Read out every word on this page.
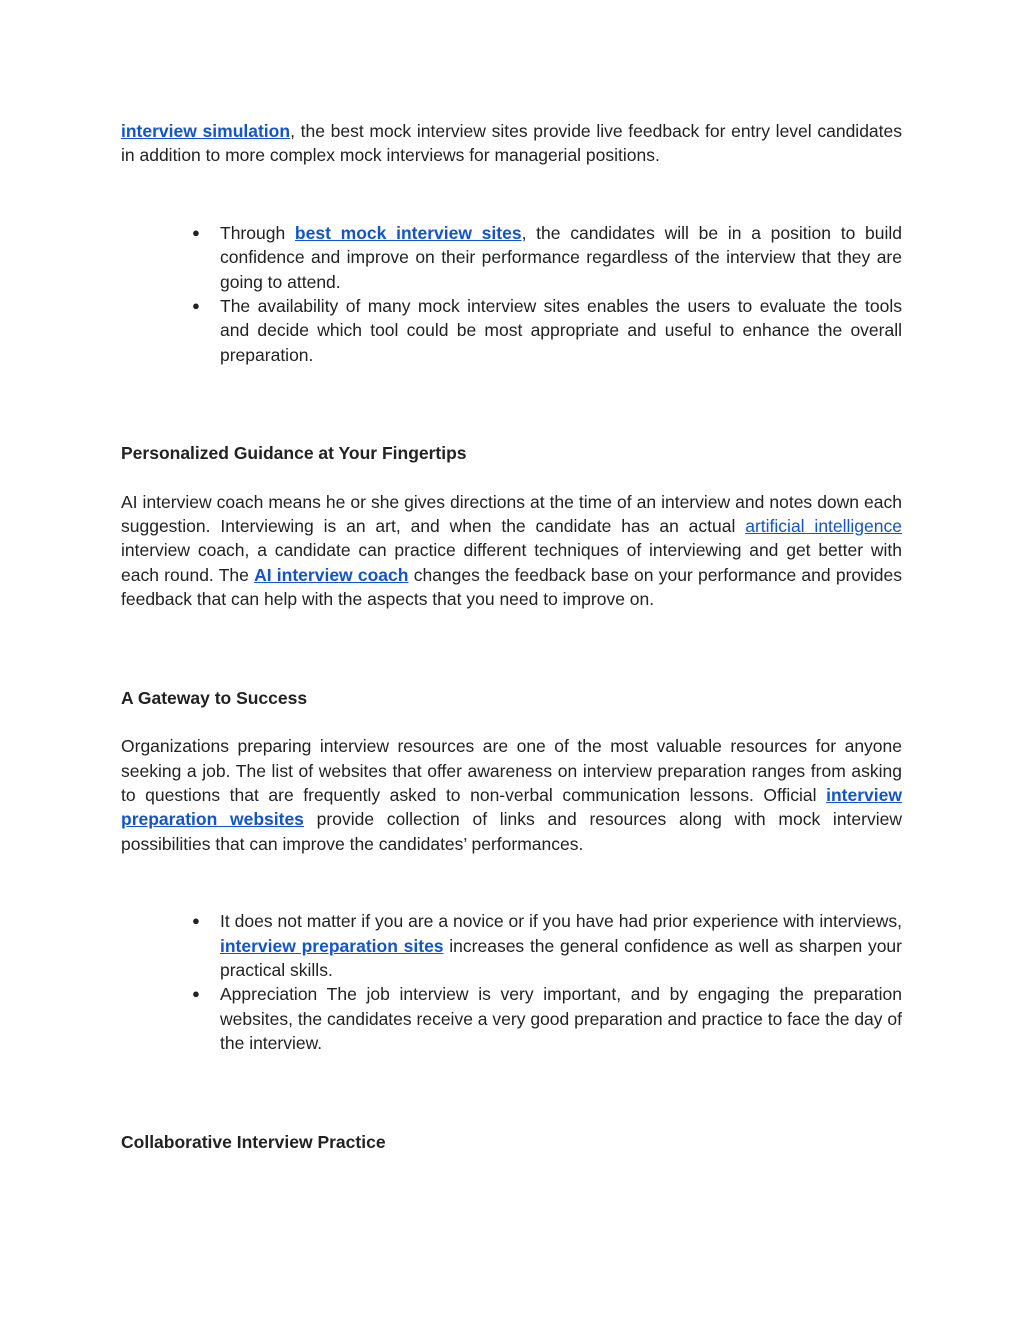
interview simulation, the best mock interview sites provide live feedback for entry level candidates in addition to more complex mock interviews for managerial positions.

● Through best mock interview sites, the candidates will be in a position to build confidence and improve on their performance regardless of the interview that they are going to attend.
● The availability of many mock interview sites enables the users to evaluate the tools and decide which tool could be most appropriate and useful to enhance the overall preparation.
Personalized Guidance at Your Fingertips

AI interview coach means he or she gives directions at the time of an interview and notes down each suggestion. Interviewing is an art, and when the candidate has an actual artificial intelligence interview coach, a candidate can practice different techniques of interviewing and get better with each round. The AI interview coach changes the feedback base on your performance and provides feedback that can help with the aspects that you need to improve on.

A Gateway to Success

Organizations preparing interview resources are one of the most valuable resources for anyone seeking a job. The list of websites that offer awareness on interview preparation ranges from asking to questions that are frequently asked to non-verbal communication lessons. Official interview preparation websites provide collection of links and resources along with mock interview possibilities that can improve the candidates’ performances.

● It does not matter if you are a novice or if you have had prior experience with interviews, interview preparation sites increases the general confidence as well as sharpen your practical skills.
● Appreciation The job interview is very important, and by engaging the preparation websites, the candidates receive a very good preparation and practice to face the day of the interview.
Collaborative Interview Practice
